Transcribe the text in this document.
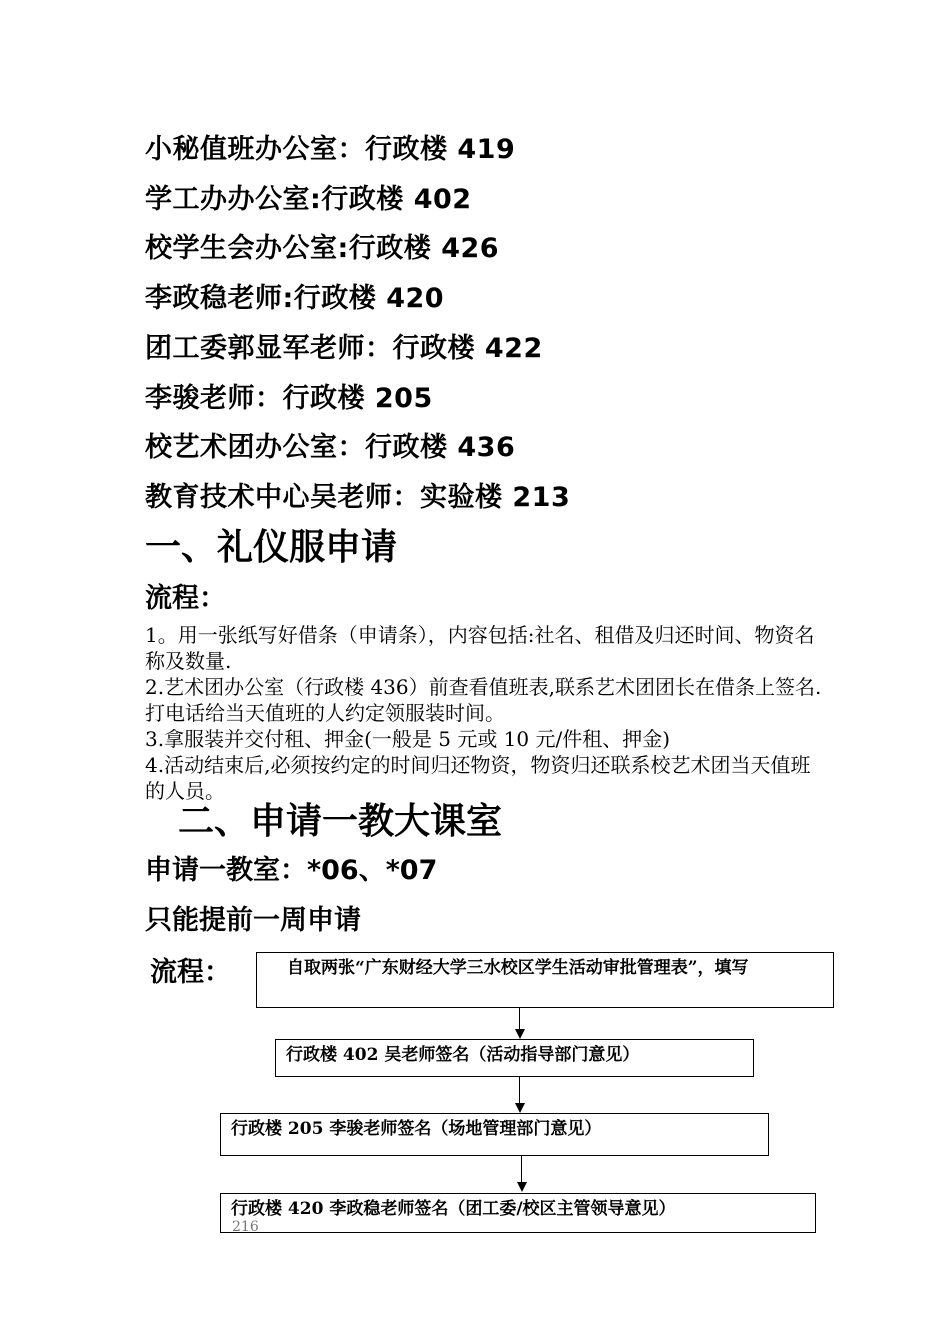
小秘值班办公室：行政楼 419
学工办办公室:行政楼 402
校学生会办公室:行政楼 426
李政稳老师:行政楼 420
团工委郭显军老师：行政楼 422
李骏老师：行政楼 205
校艺术团办公室：行政楼 436
教育技术中心吴老师：实验楼 213
一、礼仪服申请
流程：

1。用一张纸写好借条（申请条），内容包括:社名、租借及归还时间、物资名称及数量.

2.艺术团办公室（行政楼 436）前查看值班表,联系艺术团团长在借条上签名.打电话给当天值班的人约定领服装时间。

3.拿服装并交付租、押金(一般是 5 元或 10 元/件租、押金)

4.活动结束后,必须按约定的时间归还物资，物资归还联系校艺术团当天值班的人员。

二、申请一教大课室
申请一教室：*06、*07
只能提前一周申请
流程：	自取两张“广东财经大学三水校区学生活动审批管理表”，填写
行政楼 402 吴老师签名（活动指导部门意见）
行政楼 205 李骏老师签名（场地管理部门意见）
行政楼 420 李政稳老师签名（团工委/校区主管领导意见）
216
